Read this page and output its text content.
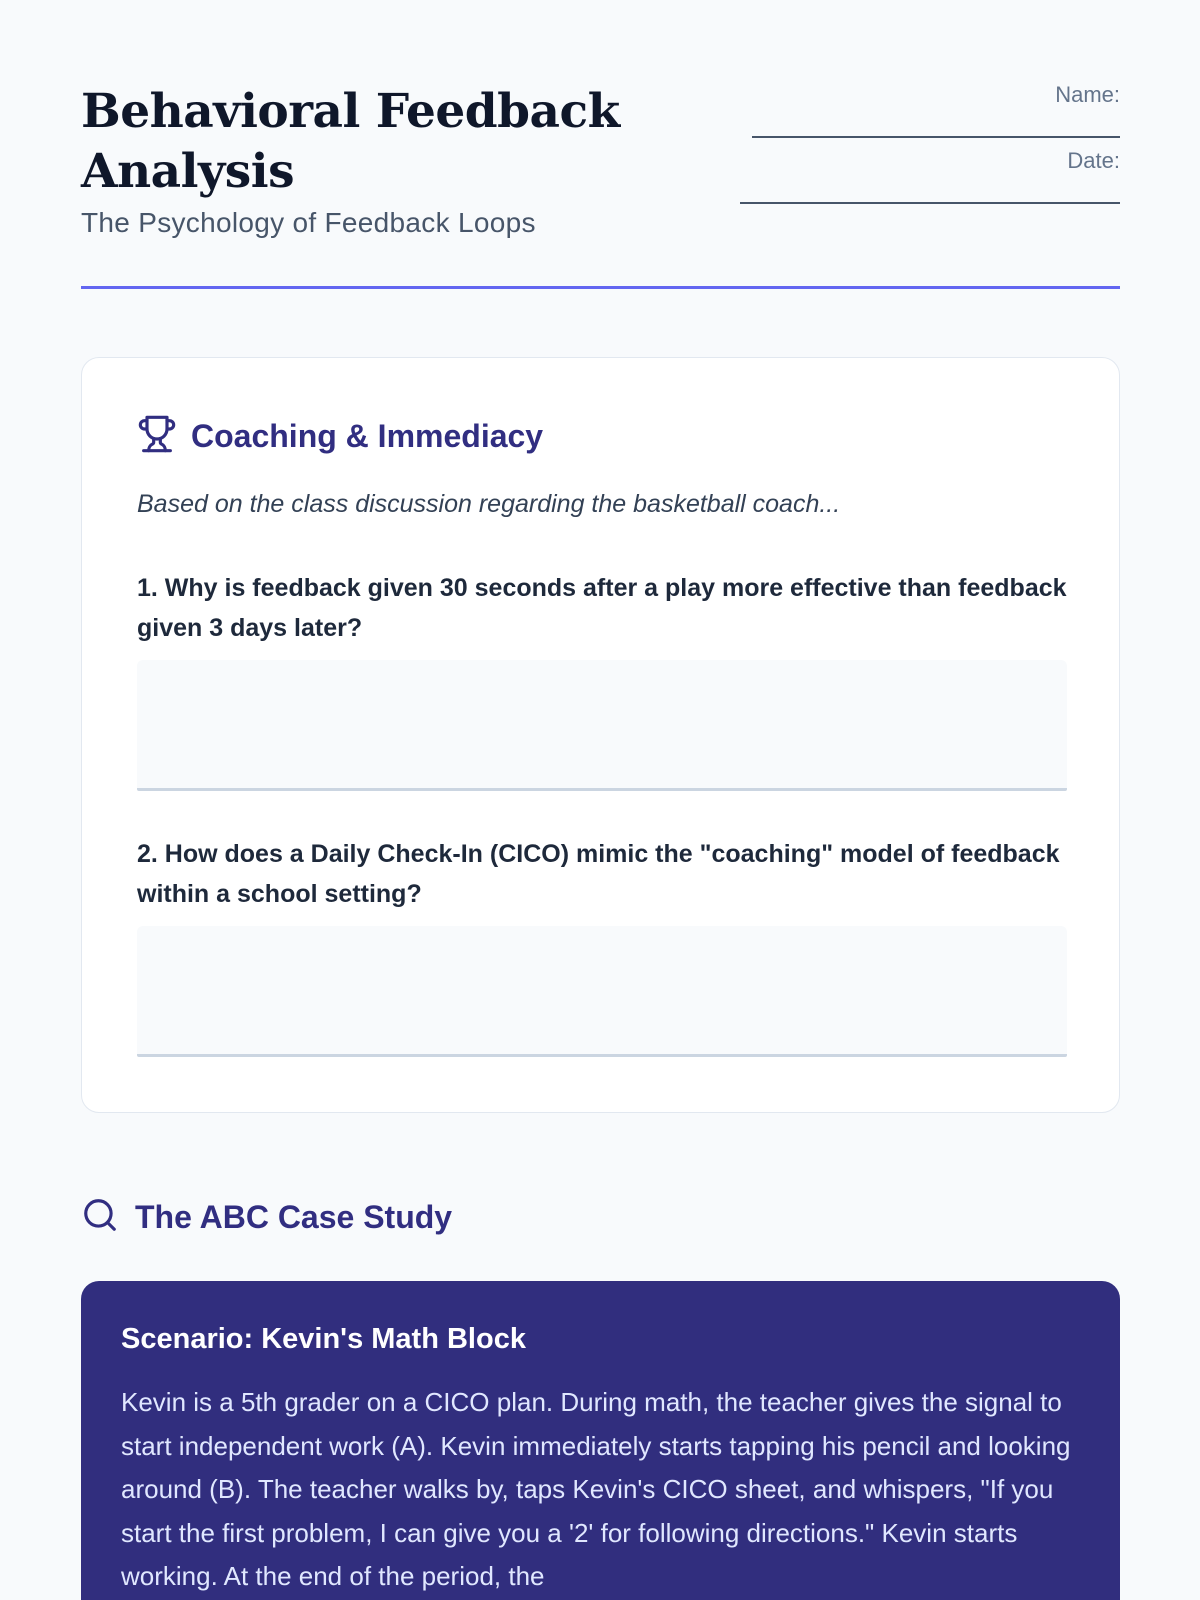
Behavioral Feedback Analysis
The Psychology of Feedback Loops
Name:
Date:
Coaching & Immediacy

Based on the class discussion regarding the basketball coach...

1. Why is feedback given 30 seconds after a play more effective than feedback given 3 days later?

2. How does a Daily Check-In (CICO) mimic the "coaching" model of feedback within a school setting?

The ABC Case Study
Scenario: Kevin's Math Block

Kevin is a 5th grader on a CICO plan. During math, the teacher gives the signal to start independent work (A). Kevin immediately starts tapping his pencil and looking around (B). The teacher walks by, taps Kevin's CICO sheet, and whispers, "If you start the first problem, I can give you a '2' for following directions." Kevin starts working. At the end of the period, the
